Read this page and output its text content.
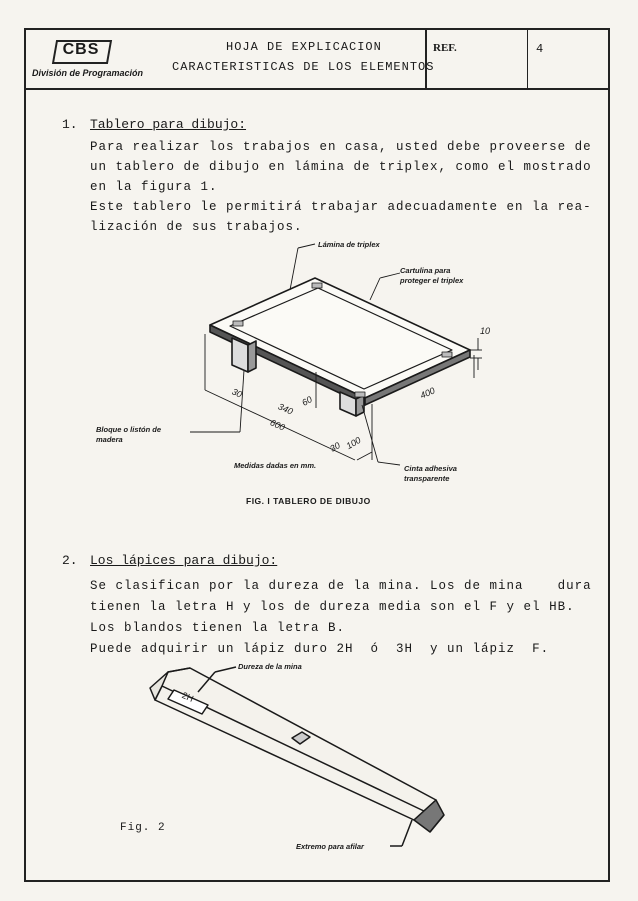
CBS
División de Programación
HOJA DE EXPLICACION
CARACTERISTICAS DE LOS ELEMENTOS
REF.	4
1. Tablero para dibujo:
Para realizar los trabajos en casa, usted debe proveerse de
un tablero de dibujo en lámina de triplex, como el mostrado
en la figura 1.
Este tablero le permitirá trabajar adecuadamente en la rea-
lización de sus trabajos.
Lámina de triplex
Cartulina para
proteger el triplex
Bloque o listón de
madera
Medidas dadas en mm.	Cinta adhesiva
transparente
10
30
340
60
400
600
100
30
FIG. I TABLERO DE DIBUJO
2. Los lápices para dibujo:
Se clasifican por la dureza de la mina. Los de mina    dura
tienen la letra H y los de dureza media son el F y el HB.
Los blandos tienen la letra B.
Puede adquirir un lápiz duro 2H  ó  3H  y un lápiz  F.
Dureza de la mina
2H
Extremo para afilar
Fig. 2
